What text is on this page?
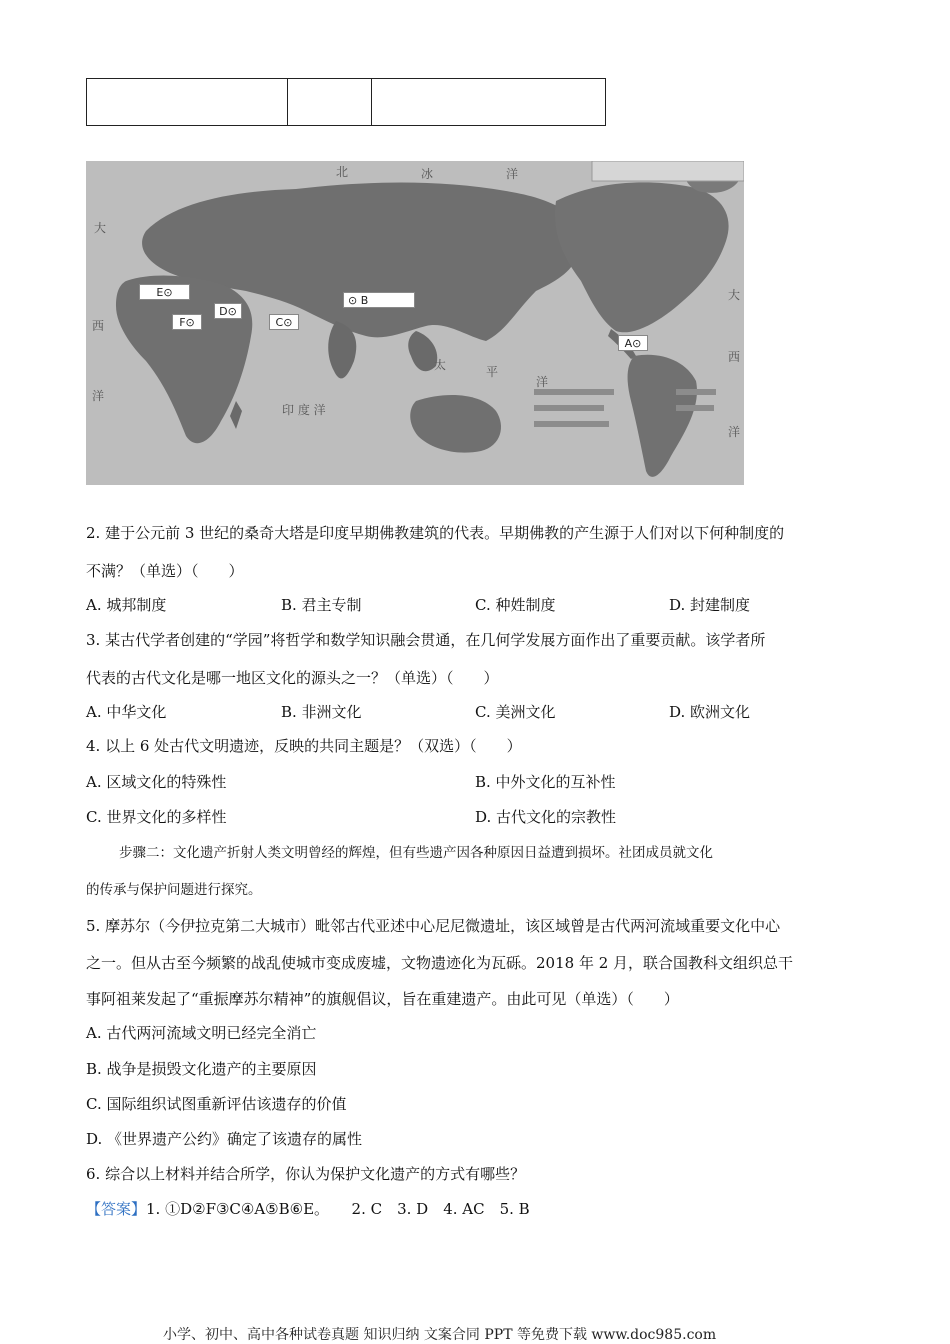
北	冰	洋
大
西
洋
印 度 洋
太	平
洋
大
西
洋
E⊙
D⊙
F⊙	C⊙
⊙ B
A⊙
2. 建于公元前 3 世纪的桑奇大塔是印度早期佛教建筑的代表。早期佛教的产生源于人们对以下何种制度的
不满？（单选）（　　）
A. 城邦制度	B. 君主专制	C. 种姓制度	D. 封建制度
3. 某古代学者创建的“学园”将哲学和数学知识融会贯通，在几何学发展方面作出了重要贡献。该学者所
代表的古代文化是哪一地区文化的源头之一？（单选）（　　）
A. 中华文化	B. 非洲文化	C. 美洲文化	D. 欧洲文化
4. 以上 6 处古代文明遗迹，反映的共同主题是？（双选）（　　）
A. 区域文化的特殊性	B. 中外文化的互补性
C. 世界文化的多样性	D. 古代文化的宗教性
步骤二：文化遗产折射人类文明曾经的辉煌，但有些遗产因各种原因日益遭到损坏。社团成员就文化
的传承与保护问题进行探究。
5. 摩苏尔（今伊拉克第二大城市）毗邻古代亚述中心尼尼微遗址，该区域曾是古代两河流域重要文化中心
之一。但从古至今频繁的战乱使城市变成废墟，文物遗迹化为瓦砾。2018 年 2 月，联合国教科文组织总干
事阿祖莱发起了“重振摩苏尔精神”的旗舰倡议，旨在重建遗产。由此可见（单选）（　　）
A. 古代两河流域文明已经完全消亡
B. 战争是损毁文化遗产的主要原因
C. 国际组织试图重新评估该遗存的价值
D. 《世界遗产公约》确定了该遗存的属性
6. 综合以上材料并结合所学，你认为保护文化遗产的方式有哪些？
【答案】1. ①D②F③C④A⑤B⑥E。　　2. C　3. D　4. AC　5. B
小学、初中、高中各种试卷真题 知识归纳 文案合同 PPT 等免费下载 www.doc985.com
